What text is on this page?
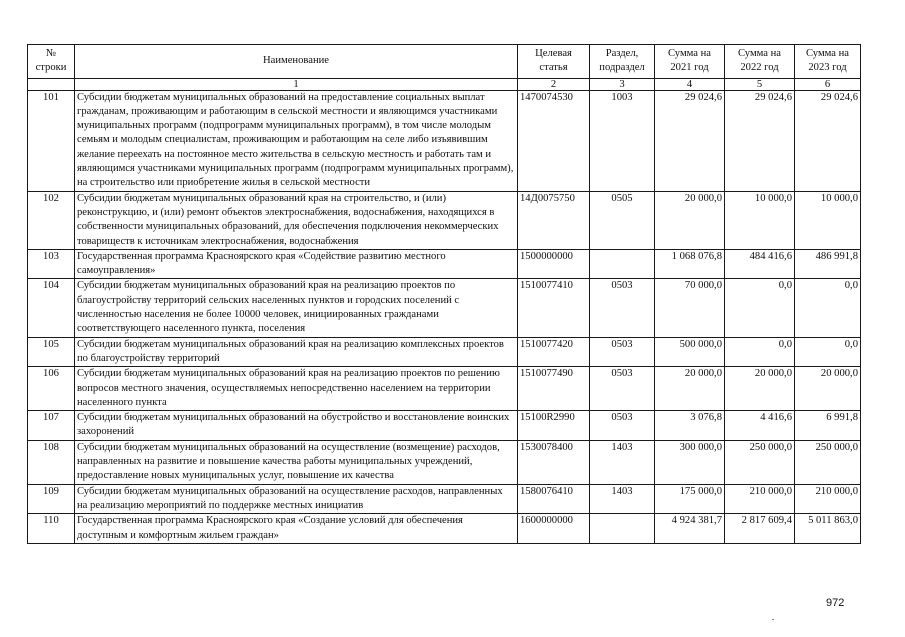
№ строки	Наименование	Целевая статья	Раздел, подраздел	Сумма на 2021 год	Сумма на 2022 год	Сумма на 2023 год
	1	2	3	4	5	6
101	Субсидии бюджетам муниципальных образований на предоставление социальных выплат гражданам, проживающим и работающим в сельской местности и являющимся участниками муниципальных программ (подпрограмм муниципальных программ), в том числе молодым семьям и молодым специалистам, проживающим и работающим на селе либо изъявившим желание переехать на постоянное место жительства в сельскую местность и работать там и являющимся участниками муниципальных программ (подпрограмм муниципальных программ), на строительство или приобретение жилья в сельской местности	1470074530	1003	29 024,6	29 024,6	29 024,6
102	Субсидии бюджетам муниципальных образований края на строительство, и (или) реконструкцию, и (или) ремонт объектов электроснабжения, водоснабжения, находящихся в собственности муниципальных образований, для обеспечения подключения некоммерческих товариществ к источникам электроснабжения, водоснабжения	14Д0075750	0505	20 000,0	10 000,0	10 000,0
103	Государственная программа Красноярского края «Содействие развитию местного самоуправления»	1500000000		1 068 076,8	484 416,6	486 991,8
104	Субсидии бюджетам муниципальных образований края на реализацию проектов по благоустройству территорий сельских населенных пунктов и городских поселений с численностью населения не более 10000 человек, инициированных гражданами соответствующего населенного пункта, поселения	1510077410	0503	70 000,0	0,0	0,0
105	Субсидии бюджетам муниципальных образований края на реализацию комплексных проектов по благоустройству территорий	1510077420	0503	500 000,0	0,0	0,0
106	Субсидии бюджетам муниципальных образований края на реализацию проектов по решению вопросов местного значения, осуществляемых непосредственно населением на территории населенного пункта	1510077490	0503	20 000,0	20 000,0	20 000,0
107	Субсидии бюджетам муниципальных образований на обустройство и восстановление воинских захоронений	15100R2990	0503	3 076,8	4 416,6	6 991,8
108	Субсидии бюджетам муниципальных образований на осуществление (возмещение) расходов, направленных на развитие и повышение качества работы муниципальных учреждений, предоставление новых муниципальных услуг, повышение их качества	1530078400	1403	300 000,0	250 000,0	250 000,0
109	Субсидии бюджетам муниципальных образований на осуществление расходов, направленных на реализацию мероприятий по поддержке местных инициатив	1580076410	1403	175 000,0	210 000,0	210 000,0
110	Государственная программа Красноярского края «Создание условий для обеспечения доступным и комфортным жильем граждан»	1600000000		4 924 381,7	2 817 609,4	5 011 863,0
972
